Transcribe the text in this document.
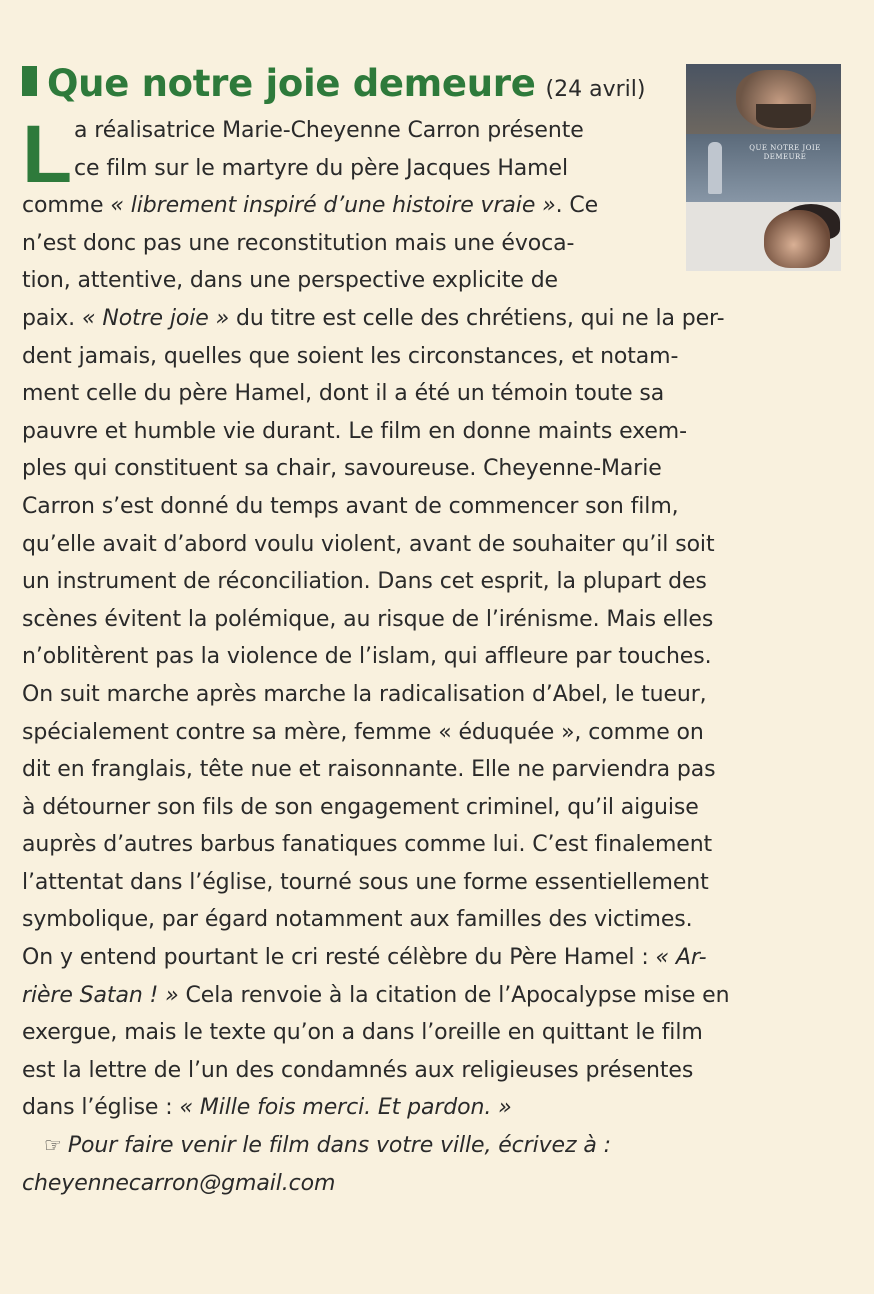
Que notre joie demeure (24 avril)
QUE NOTRE JOIE DEMEURE
L a réalisatrice Marie-Cheyenne Carron présente
ce film sur le martyre du père Jacques Hamel
comme « librement inspiré d’une histoire vraie ». Ce
n’est donc pas une reconstitution mais une évoca-
tion, attentive, dans une perspective explicite de
paix. « Notre joie » du titre est celle des chrétiens, qui ne la per-
dent jamais, quelles que soient les circonstances, et notam-
ment celle du père Hamel, dont il a été un témoin toute sa
pauvre et humble vie durant. Le film en donne maints exem-
ples qui constituent sa chair, savoureuse. Cheyenne-Marie
Carron s’est donné du temps avant de commencer son film,
qu’elle avait d’abord voulu violent, avant de souhaiter qu’il soit
un instrument de réconciliation. Dans cet esprit, la plupart des
scènes évitent la polémique, au risque de l’irénisme. Mais elles
n’oblitèrent pas la violence de l’islam, qui affleure par touches.
On suit marche après marche la radicalisation d’Abel, le tueur,
spécialement contre sa mère, femme « éduquée », comme on
dit en franglais, tête nue et raisonnante. Elle ne parviendra pas
à détourner son fils de son engagement criminel, qu’il aiguise
auprès d’autres barbus fanatiques comme lui. C’est finalement
l’attentat dans l’église, tourné sous une forme essentiellement
symbolique, par égard notamment aux familles des victimes.
On y entend pourtant le cri resté célèbre du Père Hamel : « Ar-
rière Satan ! » Cela renvoie à la citation de l’Apocalypse mise en
exergue, mais le texte qu’on a dans l’oreille en quittant le film
est la lettre de l’un des condamnés aux religieuses présentes
dans l’église : « Mille fois merci. Et pardon. »
☞ Pour faire venir le film dans votre ville, écrivez à :
cheyennecarron@gmail.com
